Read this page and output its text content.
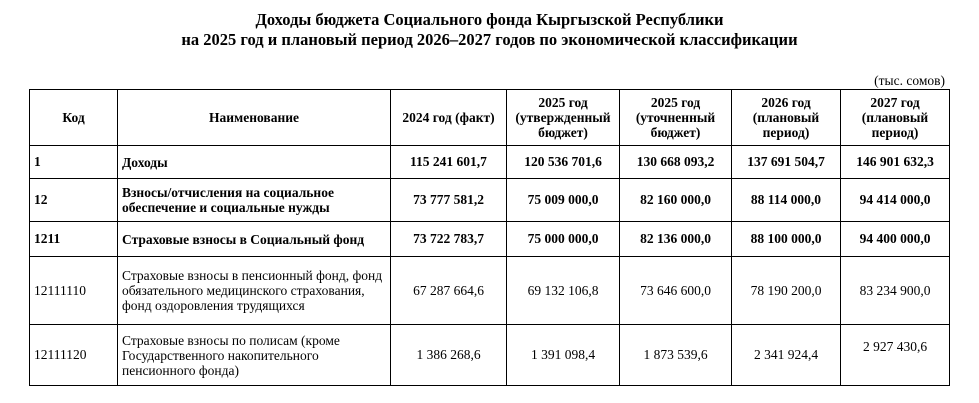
Доходы бюджета Социального фонда Кыргызской Республики
на 2025 год и плановый период 2026–2027 годов по экономической классификации
(тыс. сомов)
Код	Наименование	2024 год (факт)	2025 год (утвержденный бюджет)	2025 год (уточненный бюджет)	2026 год (плановый период)	2027 год (плановый период)
1	Доходы	115 241 601,7	120 536 701,6	130 668 093,2	137 691 504,7	146 901 632,3
12	Взносы/отчисления на социальное обеспечение и социальные нужды	73 777 581,2	75 009 000,0	82 160 000,0	88 114 000,0	94 414 000,0
1211	Страховые взносы в Социальный фонд	73 722 783,7	75 000 000,0	82 136 000,0	88 100 000,0	94 400 000,0
12111110	Страховые взносы в пенсионный фонд, фонд обязательного медицинского страхования, фонд оздоровления трудящихся	67 287 664,6	69 132 106,8	73 646 600,0	78 190 200,0	83 234 900,0
12111120	Страховые взносы по полисам (кроме Государственного накопительного пенсионного фонда)	1 386 268,6	1 391 098,4	1 873 539,6	2 341 924,4	2 927 430,6
